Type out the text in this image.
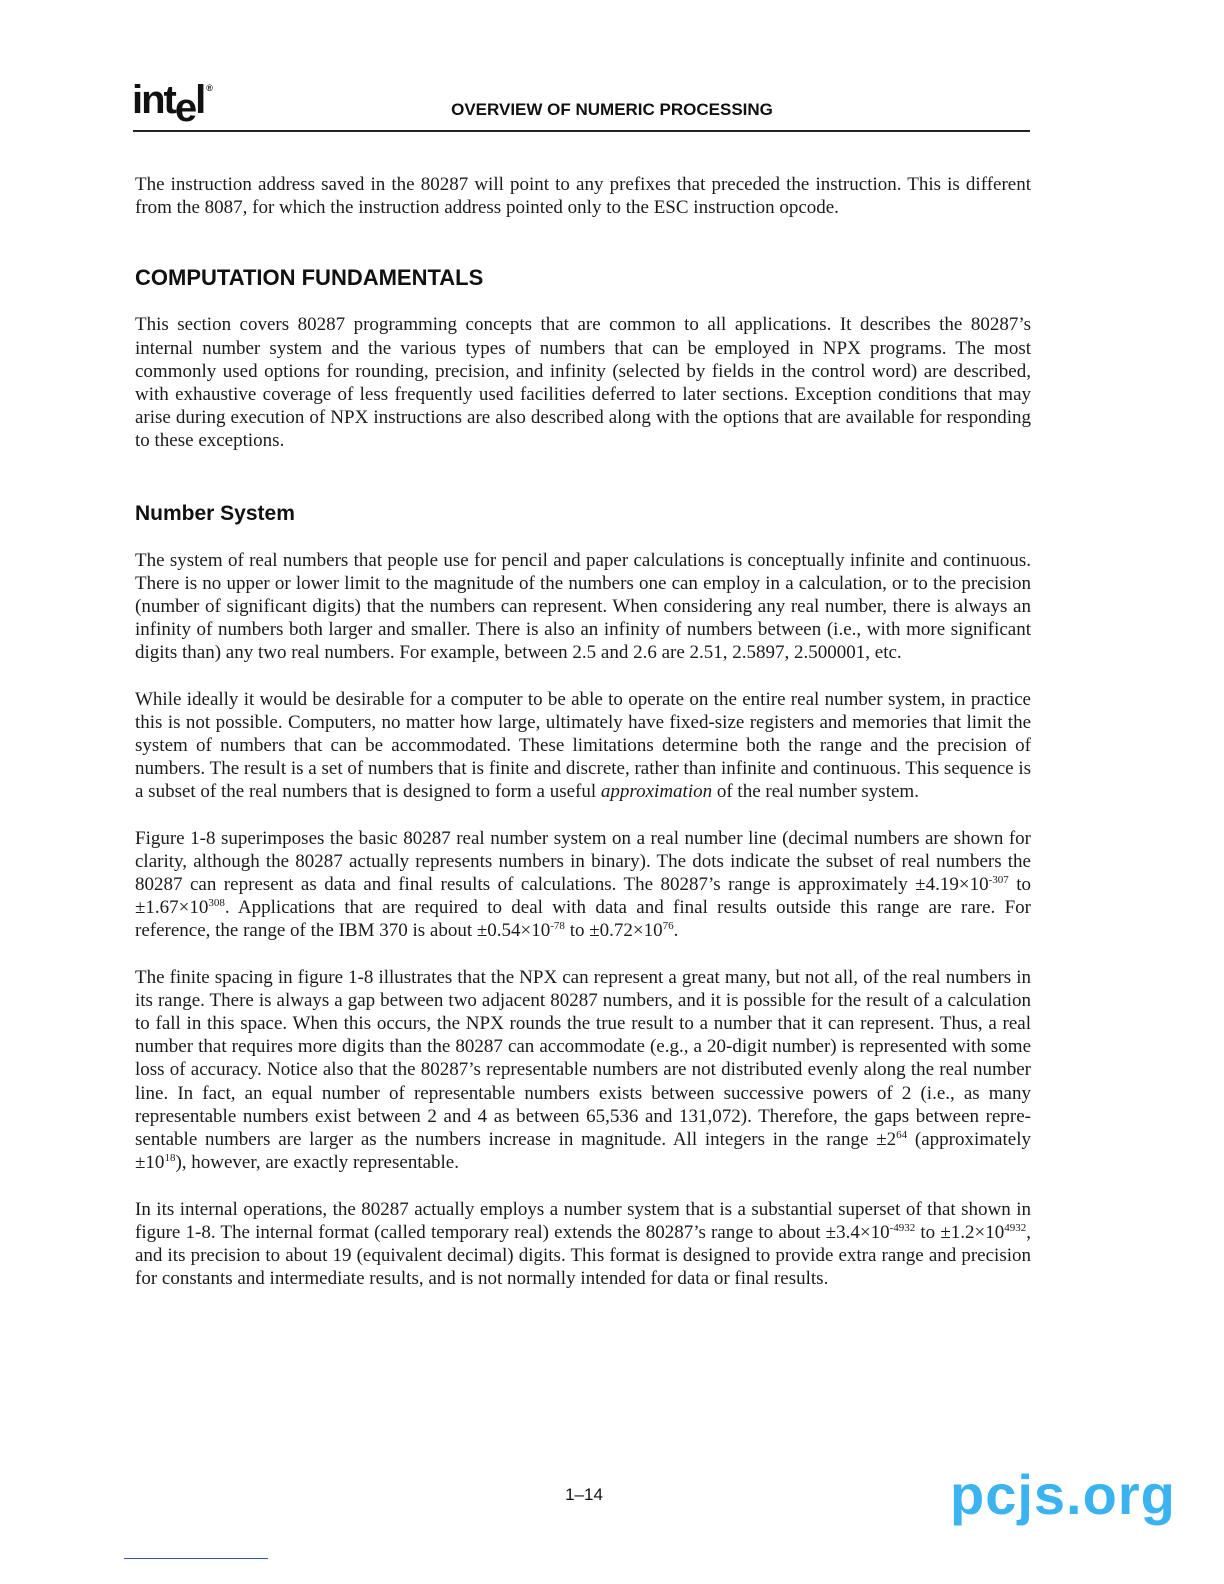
intel ®
OVERVIEW OF NUMERIC PROCESSING

The instruction address saved in the 80287 will point to any prefixes that preceded the instruction. This is different from the 8087, for which the instruction address pointed only to the ESC instruction opcode.

COMPUTATION FUNDAMENTALS

This section covers 80287 programming concepts that are common to all applications. It describes the 80287’s internal number system and the various types of numbers that can be employed in NPX programs. The most commonly used options for rounding, precision, and infinity (selected by fields in the control word) are described, with exhaustive coverage of less frequently used facilities deferred to later sections. Exception conditions that may arise during execution of NPX instructions are also described along with the options that are available for responding to these exceptions.

Number System

The system of real numbers that people use for pencil and paper calculations is conceptually infinite and continuous. There is no upper or lower limit to the magnitude of the numbers one can employ in a calculation, or to the precision (number of significant digits) that the numbers can represent. When considering any real number, there is always an infinity of numbers both larger and smaller. There is also an infinity of numbers between (i.e., with more significant digits than) any two real numbers. For example, between 2.5 and 2.6 are 2.51, 2.5897, 2.500001, etc.

While ideally it would be desirable for a computer to be able to operate on the entire real number system, in practice this is not possible. Computers, no matter how large, ultimately have fixed-size registers and memories that limit the system of numbers that can be accommodated. These limitations determine both the range and the precision of numbers. The result is a set of numbers that is finite and discrete, rather than infinite and continuous. This sequence is a subset of the real numbers that is designed to form a useful approximation of the real number system.

Figure 1-8 superimposes the basic 80287 real number system on a real number line (decimal numbers are shown for clarity, although the 80287 actually represents numbers in binary). The dots indicate the subset of real numbers the 80287 can represent as data and final results of calculations. The 80287’s range is approximately $\pm 4.19\times 10^{-307}$ to $\pm 1.67\times 10^{308}$. Applications that are required to deal with data and final results outside this range are rare. For reference, the range of the IBM 370 is about $\pm 0.54\times 10^{-78}$ to $\pm 0.72\times 10^{76}$.

The finite spacing in figure 1-8 illustrates that the NPX can represent a great many, but not all, of the real numbers in its range. There is always a gap between two adjacent 80287 numbers, and it is possible for the result of a calculation to fall in this space. When this occurs, the NPX rounds the true result to a number that it can represent. Thus, a real number that requires more digits than the 80287 can accommodate (e.g., a 20-digit number) is represented with some loss of accuracy. Notice also that the 80287’s representable numbers are not distributed evenly along the real number line. In fact, an equal number of representable numbers exists between successive powers of 2 (i.e., as many representable numbers exist between 2 and 4 as between 65,536 and 131,072). Therefore, the gaps between repre-sentable numbers are larger as the numbers increase in magnitude. All integers in the range $\pm 2^{64}$ (approximately $\pm 10^{18}$), however, are exactly representable.

In its internal operations, the 80287 actually employs a number system that is a substantial superset of that shown in figure 1-8. The internal format (called temporary real) extends the 80287’s range to about $\pm 3.4\times 10^{-4932}$ to $\pm 1.2\times 10^{4932}$, and its precision to about 19 (equivalent decimal) digits. This format is designed to provide extra range and precision for constants and intermediate results, and is not normally intended for data or final results.

1–14	pcjs.org
